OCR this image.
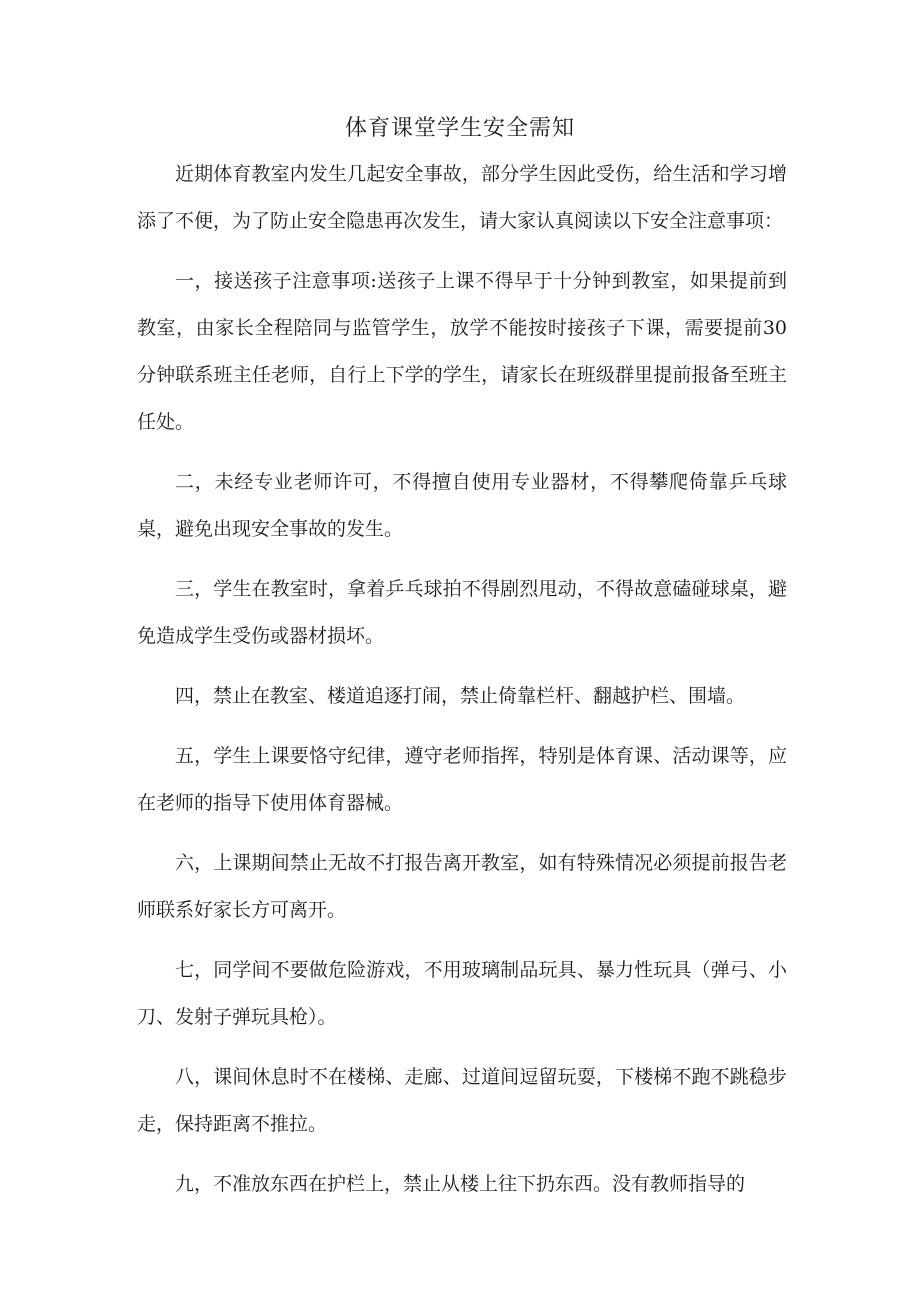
体育课堂学生安全需知

近期体育教室内发生几起安全事故，部分学生因此受伤，给生活和学习增添了不便，为了防止安全隐患再次发生，请大家认真阅读以下安全注意事项：

一，接送孩子注意事项:送孩子上课不得早于十分钟到教室，如果提前到教室，由家长全程陪同与监管学生，放学不能按时接孩子下课，需要提前30分钟联系班主任老师，自行上下学的学生，请家长在班级群里提前报备至班主任处。

二，未经专业老师许可，不得擅自使用专业器材，不得攀爬倚靠乒乓球桌，避免出现安全事故的发生。

三，学生在教室时，拿着乒乓球拍不得剧烈甩动，不得故意磕碰球桌，避免造成学生受伤或器材损坏。

四，禁止在教室、楼道追逐打闹，禁止倚靠栏杆、翻越护栏、围墙。

五，学生上课要恪守纪律，遵守老师指挥，特别是体育课、活动课等，应在老师的指导下使用体育器械。

六，上课期间禁止无故不打报告离开教室，如有特殊情况必须提前报告老师联系好家长方可离开。

七，同学间不要做危险游戏，不用玻璃制品玩具、暴力性玩具（弹弓、小刀、发射子弹玩具枪）。

八，课间休息时不在楼梯、走廊、过道间逗留玩耍，下楼梯不跑不跳稳步走，保持距离不推拉。

九，不准放东西在护栏上，禁止从楼上往下扔东西。没有教师指导的
